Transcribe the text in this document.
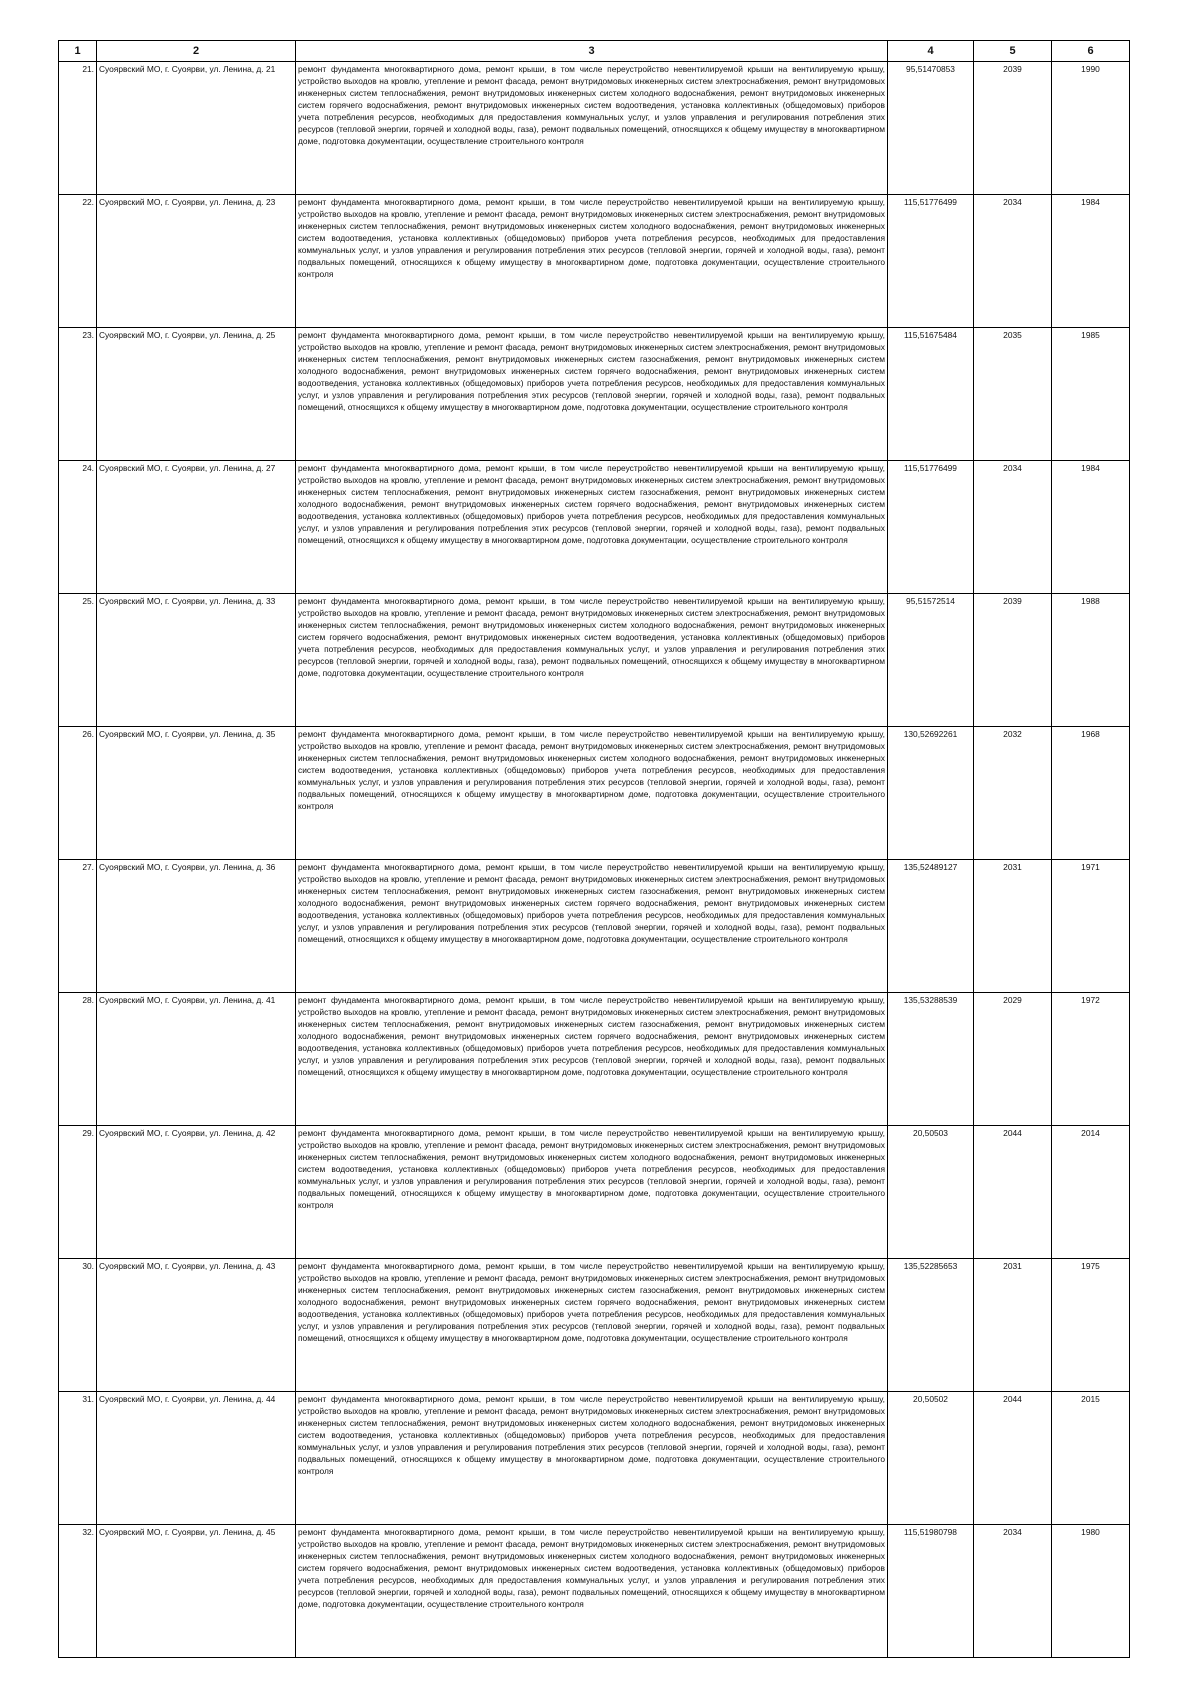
1	2	3	4	5	6
21.	Суоярвский МО, г. Суоярви, ул. Ленина, д. 21	ремонт фундамента многоквартирного дома, ремонт крыши, в том числе переустройство невентилируемой крыши на вентилируемую крышу, устройство выходов на кровлю, утепление и ремонт фасада, ремонт внутридомовых инженерных систем электроснабжения, ремонт внутридомовых инженерных систем теплоснабжения, ремонт внутридомовых инженерных систем холодного водоснабжения, ремонт внутридомовых инженерных систем горячего водоснабжения, ремонт внутридомовых инженерных систем водоотведения, установка коллективных (общедомовых) приборов учета потребления ресурсов, необходимых для предоставления коммунальных услуг, и узлов управления и регулирования потребления этих ресурсов (тепловой энергии, горячей и холодной воды, газа), ремонт подвальных помещений, относящихся к общему имуществу в многоквартирном доме, подготовка документации, осуществление строительного контроля	95,51470853	2039	1990
22.	Суоярвский МО, г. Суоярви, ул. Ленина, д. 23	ремонт фундамента многоквартирного дома, ремонт крыши, в том числе переустройство невентилируемой крыши на вентилируемую крышу, устройство выходов на кровлю, утепление и ремонт фасада, ремонт внутридомовых инженерных систем электроснабжения, ремонт внутридомовых инженерных систем теплоснабжения, ремонт внутридомовых инженерных систем холодного водоснабжения, ремонт внутридомовых инженерных систем водоотведения, установка коллективных (общедомовых) приборов учета потребления ресурсов, необходимых для предоставления коммунальных услуг, и узлов управления и регулирования потребления этих ресурсов (тепловой энергии, горячей и холодной воды, газа), ремонт подвальных помещений, относящихся к общему имуществу в многоквартирном доме, подготовка документации, осуществление строительного контроля	115,51776499	2034	1984
23.	Суоярвский МО, г. Суоярви, ул. Ленина, д. 25	ремонт фундамента многоквартирного дома, ремонт крыши, в том числе переустройство невентилируемой крыши на вентилируемую крышу, устройство выходов на кровлю, утепление и ремонт фасада, ремонт внутридомовых инженерных систем электроснабжения, ремонт внутридомовых инженерных систем теплоснабжения, ремонт внутридомовых инженерных систем газоснабжения, ремонт внутридомовых инженерных систем холодного водоснабжения, ремонт внутридомовых инженерных систем горячего водоснабжения, ремонт внутридомовых инженерных систем водоотведения, установка коллективных (общедомовых) приборов учета потребления ресурсов, необходимых для предоставления коммунальных услуг, и узлов управления и регулирования потребления этих ресурсов (тепловой энергии, горячей и холодной воды, газа), ремонт подвальных помещений, относящихся к общему имуществу в многоквартирном доме, подготовка документации, осуществление строительного контроля	115,51675484	2035	1985
24.	Суоярвский МО, г. Суоярви, ул. Ленина, д. 27	ремонт фундамента многоквартирного дома, ремонт крыши, в том числе переустройство невентилируемой крыши на вентилируемую крышу, устройство выходов на кровлю, утепление и ремонт фасада, ремонт внутридомовых инженерных систем электроснабжения, ремонт внутридомовых инженерных систем теплоснабжения, ремонт внутридомовых инженерных систем газоснабжения, ремонт внутридомовых инженерных систем холодного водоснабжения, ремонт внутридомовых инженерных систем горячего водоснабжения, ремонт внутридомовых инженерных систем водоотведения, установка коллективных (общедомовых) приборов учета потребления ресурсов, необходимых для предоставления коммунальных услуг, и узлов управления и регулирования потребления этих ресурсов (тепловой энергии, горячей и холодной воды, газа), ремонт подвальных помещений, относящихся к общему имуществу в многоквартирном доме, подготовка документации, осуществление строительного контроля	115,51776499	2034	1984
25.	Суоярвский МО, г. Суоярви, ул. Ленина, д. 33	ремонт фундамента многоквартирного дома, ремонт крыши, в том числе переустройство невентилируемой крыши на вентилируемую крышу, устройство выходов на кровлю, утепление и ремонт фасада, ремонт внутридомовых инженерных систем электроснабжения, ремонт внутридомовых инженерных систем теплоснабжения, ремонт внутридомовых инженерных систем холодного водоснабжения, ремонт внутридомовых инженерных систем горячего водоснабжения, ремонт внутридомовых инженерных систем водоотведения, установка коллективных (общедомовых) приборов учета потребления ресурсов, необходимых для предоставления коммунальных услуг, и узлов управления и регулирования потребления этих ресурсов (тепловой энергии, горячей и холодной воды, газа), ремонт подвальных помещений, относящихся к общему имуществу в многоквартирном доме, подготовка документации, осуществление строительного контроля	95,51572514	2039	1988
26.	Суоярвский МО, г. Суоярви, ул. Ленина, д. 35	ремонт фундамента многоквартирного дома, ремонт крыши, в том числе переустройство невентилируемой крыши на вентилируемую крышу, устройство выходов на кровлю, утепление и ремонт фасада, ремонт внутридомовых инженерных систем электроснабжения, ремонт внутридомовых инженерных систем теплоснабжения, ремонт внутридомовых инженерных систем холодного водоснабжения, ремонт внутридомовых инженерных систем водоотведения, установка коллективных (общедомовых) приборов учета потребления ресурсов, необходимых для предоставления коммунальных услуг, и узлов управления и регулирования потребления этих ресурсов (тепловой энергии, горячей и холодной воды, газа), ремонт подвальных помещений, относящихся к общему имуществу в многоквартирном доме, подготовка документации, осуществление строительного контроля	130,52692261	2032	1968
27.	Суоярвский МО, г. Суоярви, ул. Ленина, д. 36	ремонт фундамента многоквартирного дома, ремонт крыши, в том числе переустройство невентилируемой крыши на вентилируемую крышу, устройство выходов на кровлю, утепление и ремонт фасада, ремонт внутридомовых инженерных систем электроснабжения, ремонт внутридомовых инженерных систем теплоснабжения, ремонт внутридомовых инженерных систем газоснабжения, ремонт внутридомовых инженерных систем холодного водоснабжения, ремонт внутридомовых инженерных систем горячего водоснабжения, ремонт внутридомовых инженерных систем водоотведения, установка коллективных (общедомовых) приборов учета потребления ресурсов, необходимых для предоставления коммунальных услуг, и узлов управления и регулирования потребления этих ресурсов (тепловой энергии, горячей и холодной воды, газа), ремонт подвальных помещений, относящихся к общему имуществу в многоквартирном доме, подготовка документации, осуществление строительного контроля	135,52489127	2031	1971
28.	Суоярвский МО, г. Суоярви, ул. Ленина, д. 41	ремонт фундамента многоквартирного дома, ремонт крыши, в том числе переустройство невентилируемой крыши на вентилируемую крышу, устройство выходов на кровлю, утепление и ремонт фасада, ремонт внутридомовых инженерных систем электроснабжения, ремонт внутридомовых инженерных систем теплоснабжения, ремонт внутридомовых инженерных систем газоснабжения, ремонт внутридомовых инженерных систем холодного водоснабжения, ремонт внутридомовых инженерных систем горячего водоснабжения, ремонт внутридомовых инженерных систем водоотведения, установка коллективных (общедомовых) приборов учета потребления ресурсов, необходимых для предоставления коммунальных услуг, и узлов управления и регулирования потребления этих ресурсов (тепловой энергии, горячей и холодной воды, газа), ремонт подвальных помещений, относящихся к общему имуществу в многоквартирном доме, подготовка документации, осуществление строительного контроля	135,53288539	2029	1972
29.	Суоярвский МО, г. Суоярви, ул. Ленина, д. 42	ремонт фундамента многоквартирного дома, ремонт крыши, в том числе переустройство невентилируемой крыши на вентилируемую крышу, устройство выходов на кровлю, утепление и ремонт фасада, ремонт внутридомовых инженерных систем электроснабжения, ремонт внутридомовых инженерных систем теплоснабжения, ремонт внутридомовых инженерных систем холодного водоснабжения, ремонт внутридомовых инженерных систем водоотведения, установка коллективных (общедомовых) приборов учета потребления ресурсов, необходимых для предоставления коммунальных услуг, и узлов управления и регулирования потребления этих ресурсов (тепловой энергии, горячей и холодной воды, газа), ремонт подвальных помещений, относящихся к общему имуществу в многоквартирном доме, подготовка документации, осуществление строительного контроля	20,50503	2044	2014
30.	Суоярвский МО, г. Суоярви, ул. Ленина, д. 43	ремонт фундамента многоквартирного дома, ремонт крыши, в том числе переустройство невентилируемой крыши на вентилируемую крышу, устройство выходов на кровлю, утепление и ремонт фасада, ремонт внутридомовых инженерных систем электроснабжения, ремонт внутридомовых инженерных систем теплоснабжения, ремонт внутридомовых инженерных систем газоснабжения, ремонт внутридомовых инженерных систем холодного водоснабжения, ремонт внутридомовых инженерных систем горячего водоснабжения, ремонт внутридомовых инженерных систем водоотведения, установка коллективных (общедомовых) приборов учета потребления ресурсов, необходимых для предоставления коммунальных услуг, и узлов управления и регулирования потребления этих ресурсов (тепловой энергии, горячей и холодной воды, газа), ремонт подвальных помещений, относящихся к общему имуществу в многоквартирном доме, подготовка документации, осуществление строительного контроля	135,52285653	2031	1975
31.	Суоярвский МО, г. Суоярви, ул. Ленина, д. 44	ремонт фундамента многоквартирного дома, ремонт крыши, в том числе переустройство невентилируемой крыши на вентилируемую крышу, устройство выходов на кровлю, утепление и ремонт фасада, ремонт внутридомовых инженерных систем электроснабжения, ремонт внутридомовых инженерных систем теплоснабжения, ремонт внутридомовых инженерных систем холодного водоснабжения, ремонт внутридомовых инженерных систем водоотведения, установка коллективных (общедомовых) приборов учета потребления ресурсов, необходимых для предоставления коммунальных услуг, и узлов управления и регулирования потребления этих ресурсов (тепловой энергии, горячей и холодной воды, газа), ремонт подвальных помещений, относящихся к общему имуществу в многоквартирном доме, подготовка документации, осуществление строительного контроля	20,50502	2044	2015
32.	Суоярвский МО, г. Суоярви, ул. Ленина, д. 45	ремонт фундамента многоквартирного дома, ремонт крыши, в том числе переустройство невентилируемой крыши на вентилируемую крышу, устройство выходов на кровлю, утепление и ремонт фасада, ремонт внутридомовых инженерных систем электроснабжения, ремонт внутридомовых инженерных систем теплоснабжения, ремонт внутридомовых инженерных систем холодного водоснабжения, ремонт внутридомовых инженерных систем горячего водоснабжения, ремонт внутридомовых инженерных систем водоотведения, установка коллективных (общедомовых) приборов учета потребления ресурсов, необходимых для предоставления коммунальных услуг, и узлов управления и регулирования потребления этих ресурсов (тепловой энергии, горячей и холодной воды, газа), ремонт подвальных помещений, относящихся к общему имуществу в многоквартирном доме, подготовка документации, осуществление строительного контроля	115,51980798	2034	1980
